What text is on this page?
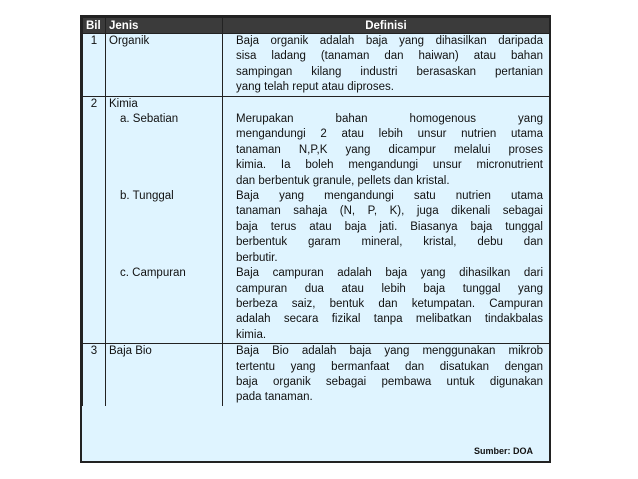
Bil	Jenis	Definisi
1	Organik	Baja organik adalah baja yang dihasilkan daripada
sisa ladang (tanaman dan haiwan) atau bahan
sampingan kilang industri berasaskan pertanian
yang telah reput atau diproses.

2	Kimia	
	a. Sebatian	Merupakan bahan homogenous yang
mengandungi 2 atau lebih unsur nutrien utama
tanaman N,P,K yang dicampur melalui proses
kimia. Ia boleh mengandungi unsur micronutrient
dan berbentuk granule, pellets dan kristal.

	b. Tunggal	Baja yang mengandungi satu nutrien utama
tanaman sahaja (N, P, K), juga dikenali sebagai
baja terus atau baja jati. Biasanya baja tunggal
berbentuk garam mineral, kristal, debu dan
berbutir.

	c. Campuran	Baja campuran adalah baja yang dihasilkan dari
campuran dua atau lebih baja tunggal yang
berbeza saiz, bentuk dan ketumpatan. Campuran
adalah secara fizikal tanpa melibatkan tindakbalas
kimia.

3	Baja Bio	Baja Bio adalah baja yang menggunakan mikrob
tertentu yang bermanfaat dan disatukan dengan
baja organik sebagai pembawa untuk digunakan
pada tanaman.
Sumber: DOA
